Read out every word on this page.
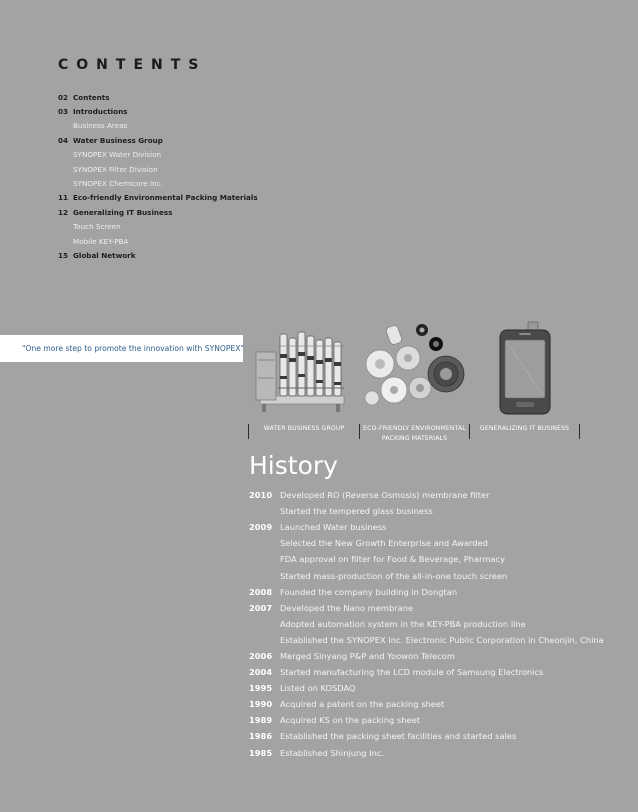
CONTENTS
02 Contents
03 Introductions
Business Areas
04 Water Business Group
SYNOPEX Water Division
SYNOPEX Filter Division
SYNOPEX Chemicore Inc.
11 Eco-friendly Environmental Packing Materials
12 Generalizing IT Business
Touch Screen
Mobile KEY-PBA
15 Global Network
"One more step to promote the innovation with SYNOPEX"
WATER BUSINESS GROUP	ECO-FRIENDLY ENVIRONMENTAL
PACKING MATERIALS
GENERALIZING IT BUSINESS
History
2010 Developed RO (Reverse Osmosis) membrane filter
Started the tempered glass business
2009 Launched Water business
Selected the New Growth Enterprise and Awarded
FDA approval on filter for Food & Beverage, Pharmacy
Started mass-production of the all-in-one touch screen
2008 Founded the company building in Dongtan
2007 Developed the Nano membrane
Adopted automation system in the KEY-PBA production line
Established the SYNOPEX Inc. Electronic Public Corporation in Cheonjin, China
2006 Merged Sinyang P&P and Yoowon Telecom
2004 Started manufacturing the LCD module of Samsung Electronics
1995 Listed on KOSDAQ
1990 Acquired a patent on the packing sheet
1989 Acquired KS on the packing sheet
1986 Established the packing sheet facilities and started sales
1985 Established Shinjung Inc.
